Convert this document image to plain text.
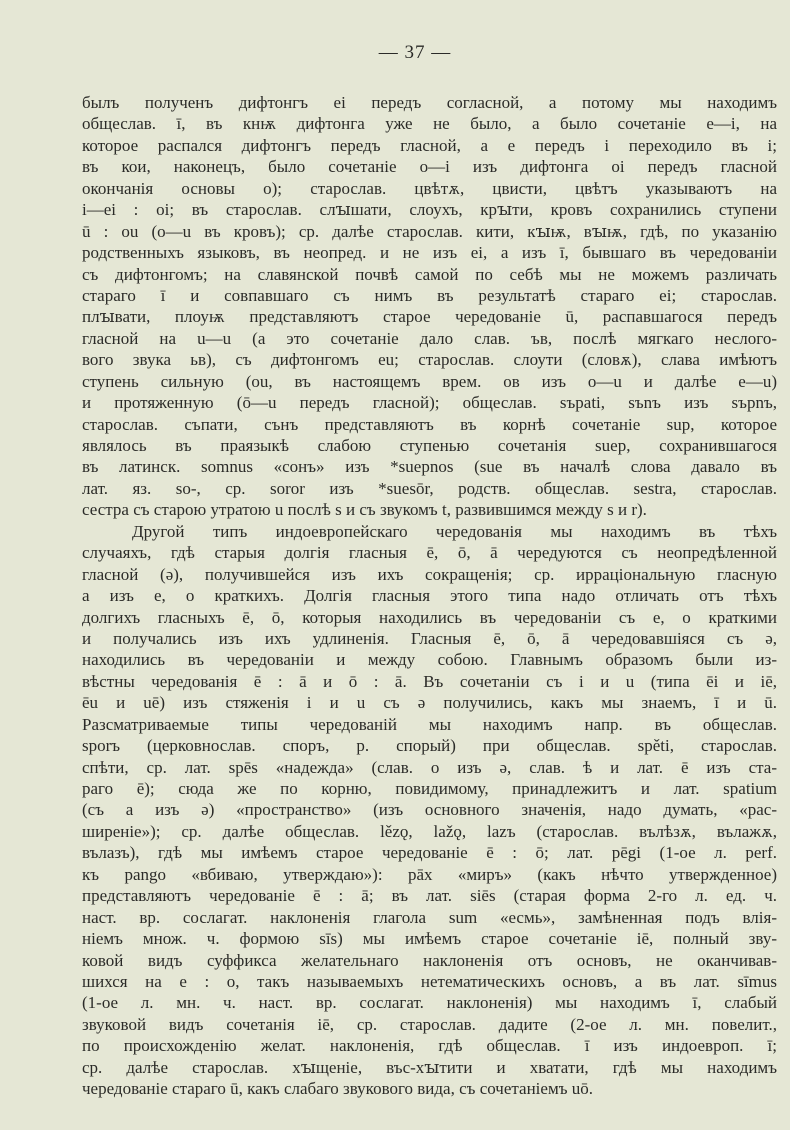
— 37 —
былъ полученъ дифтонгъ ei передъ согласной, а потому мы находимъ
общеслав. ī, въ кнѭ дифтонга уже не было, а было сочетаніе e—i, на
которое распался дифтонгъ передъ гласной, а e передъ i переходило въ i;
въ кои, наконецъ, было сочетаніе o—i изъ дифтонга oi передъ гласной
окончанія основы o); старослав. цвѣтѫ, цвисти, цвѣтъ указываютъ на
i—ei : oi; въ старослав. слꙑшати, слоухъ, крꙑти, кровъ сохранились ступени
ū : ou (o—u въ кровъ); ср. далѣе старослав. кити, кꙑѭ, вꙑѭ, гдѣ, по указанію
родственныхъ языковъ, въ неопред. и не изъ ei, а изъ ī, бывшаго въ чередованіи
съ дифтонгомъ; на славянской почвѣ самой по себѣ мы не можемъ различать
стараго ī и совпавшаго съ нимъ въ результатѣ стараго ei; старослав.
плꙑвати, плоуѭ представляютъ старое чередованіе ū, распавшагося передъ
гласной на u—u (а это сочетаніе дало слав. ъв, послѣ мягкаго неслого-
вого звука ьв), съ дифтонгомъ eu; старослав. слоути (словѫ), слава имѣютъ
ступень сильную (ou, въ настоящемъ врем. ов изъ o—u и далѣе e—u)
и протяженную (ō—u передъ гласной); общеслав. sъpati, sъnъ изъ sъpnъ,
старослав. съпати, сънъ представляютъ въ корнѣ сочетаніе sup, которое
являлось въ праязыкѣ слабою ступенью сочетанія suep, сохранившагося
въ латинск. somnus «сонъ» изъ *suepnos (sue въ началѣ слова давало въ
лат. яз. so-, ср. soror изъ *suesōr, родств. общеслав. sestra, старослав.
сестра съ старою утратою u послѣ s и съ звукомъ t, развившимся между s и r).
Другой типъ индоевропейскаго чередованія мы находимъ въ тѣхъ
случаяхъ, гдѣ старыя долгія гласныя ē, ō, ā чередуются съ неопредѣленной
гласной (ə), получившейся изъ ихъ сокращенія; ср. ирраціональную гласную
a изъ e, o краткихъ. Долгія гласныя этого типа надо отличать отъ тѣхъ
долгихъ гласныхъ ē, ō, которыя находились въ чередованіи съ e, o краткими
и получались изъ ихъ удлиненія. Гласныя ē, ō, ā чередовавшіяся съ ə,
находились въ чередованіи и между собою. Главнымъ образомъ были из-
вѣстны чередованія ē : ā и ō : ā. Въ сочетаніи съ i и u (типа ēi и iē,
ēu и uē) изъ стяженія i и u съ ə получились, какъ мы знаемъ, ī и ū.
Разсматриваемые типы чередованій мы находимъ напр. въ общеслав.
sporъ (церковнослав. споръ, р. спорый) при общеслав. spěti, старослав.
спѣти, ср. лат. spēs «надежда» (слав. o изъ ə, слав. ѣ и лат. ē изъ ста-
раго ē); сюда же по корню, повидимому, принадлежитъ и лат. spatium
(съ a изъ ə) «пространство» (изъ основного значенія, надо думать, «рас-
ширеніе»); ср. далѣе общеслав. lězǫ, lažǫ, lazъ (старослав. вълѣзѫ, вълажѫ,
вълазъ), гдѣ мы имѣемъ старое чередованіе ē : ō; лат. pēgi (1-ое л. perf.
къ pango «вбиваю, утверждаю»): pāx «миръ» (какъ нѣчто утвержденное)
представляютъ чередованіе ē : ā; въ лат. siēs (старая форма 2-го л. ед. ч.
наст. вр. сослагат. наклоненія глагола sum «есмь», замѣненная подъ влія-
ніемъ множ. ч. формою sīs) мы имѣемъ старое сочетаніе iē, полный зву-
ковой видъ суффикса желательнаго наклоненія отъ основъ, не оканчивав-
шихся на e : o, такъ называемыхъ нетематическихъ основъ, а въ лат. sīmus
(1-ое л. мн. ч. наст. вр. сослагат. наклоненія) мы находимъ ī, слабый
звуковой видъ сочетанія iē, ср. старослав. дадите (2-ое л. мн. повелит.,
по происхожденію желат. наклоненія, гдѣ общеслав. ī изъ индоевроп. ī;
ср. далѣе старослав. хꙑщеніе, въс-хꙑтити и хватати, гдѣ мы находимъ
чередованіе стараго ū, какъ слабаго звукового вида, съ сочетаніемъ uō.
